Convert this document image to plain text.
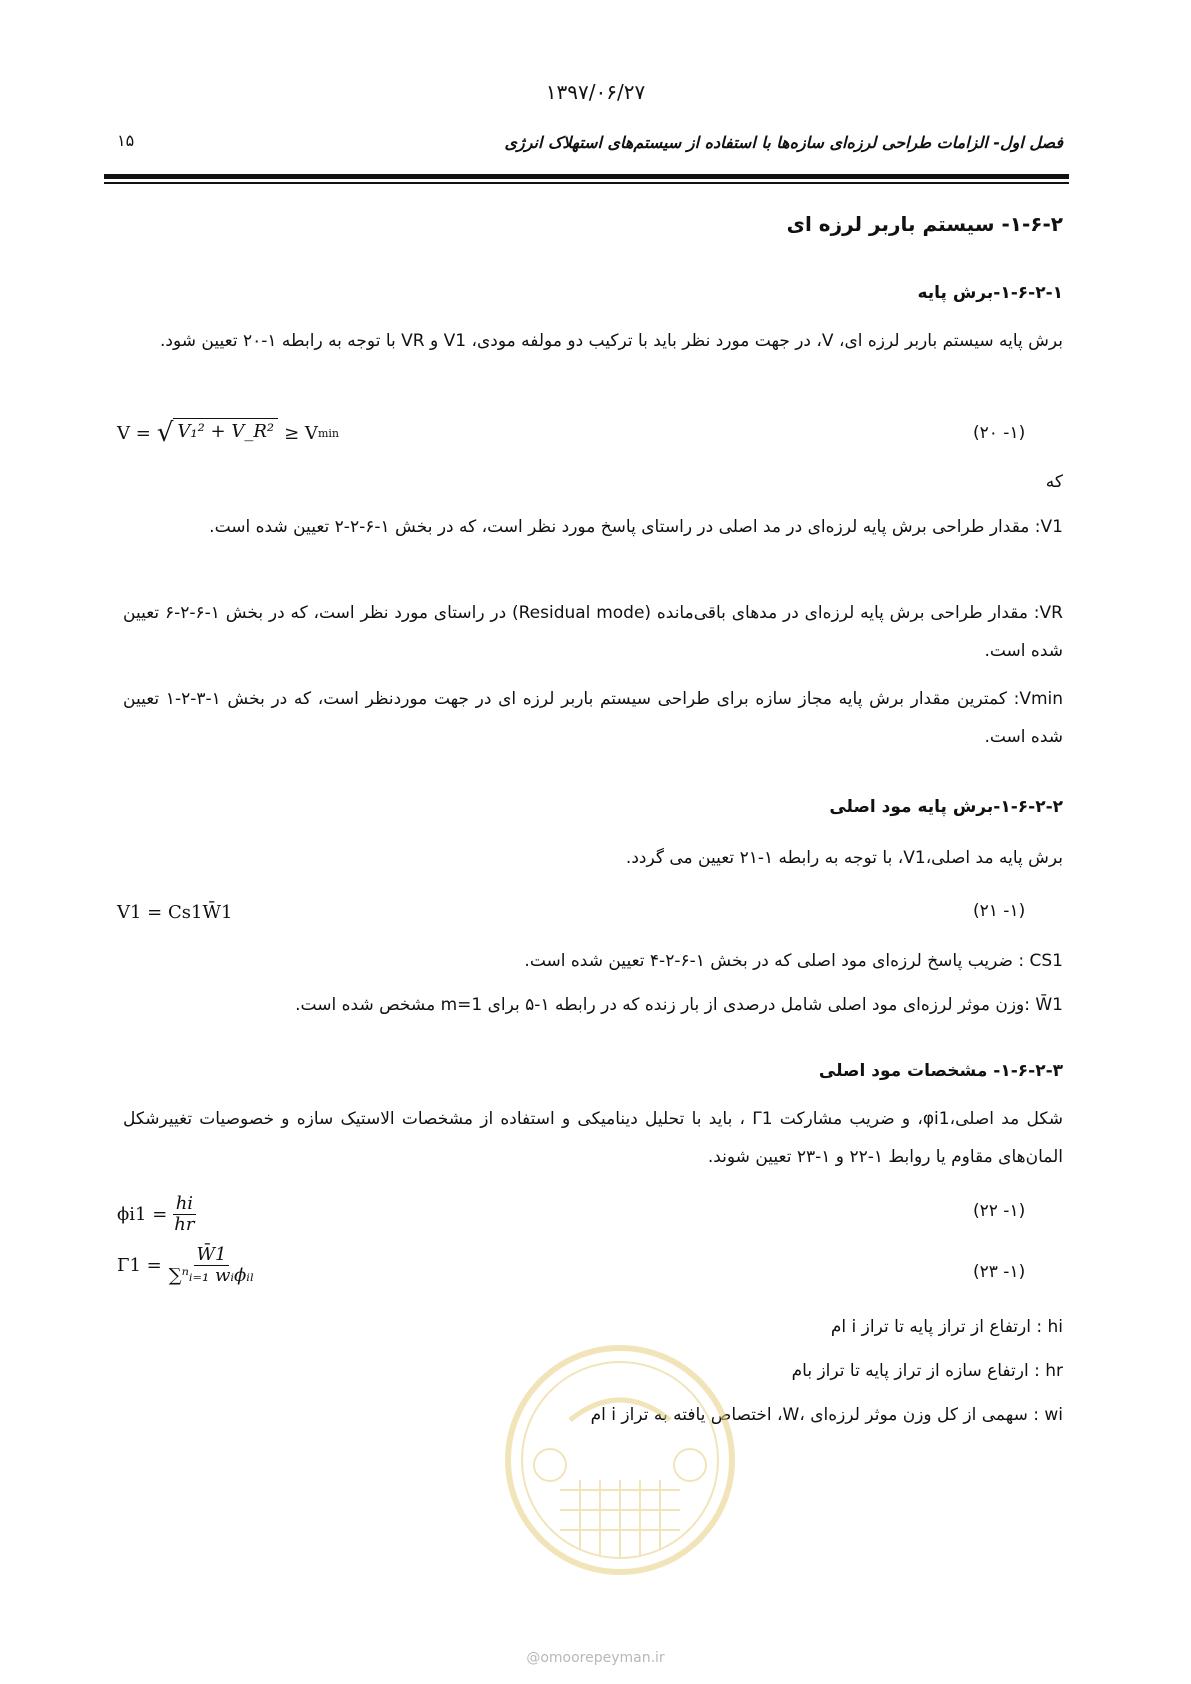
۱۳۹۷/۰۶/۲۷
فصل اول- الزامات طراحی لرزه‌ای سازه‌ها با استفاده از سیستم‌های استهلاک انرژی
۱۵
۱-۶-۲- سیستم باربر لرزه ای
۱-۶-۲-۱-برش پایه
برش پایه سیستم باربر لرزه ای، V، در جهت مورد نظر باید با ترکیب دو مولفه مودی، V1 و VR با توجه به رابطه ۱-۲۰ تعیین شود.
V = √ V₁² + V_R² ≥ V min	(۱- ۲۰)
که
V1: مقدار طراحی برش پایه لرزه‌ای در مد اصلی در راستای پاسخ مورد نظر است، که در بخش ۱-۶-۲-۲ تعیین شده است.
VR: مقدار طراحی برش پایه لرزه‌ای در مدهای باقی‌مانده (Residual mode) در راستای مورد نظر است، که در بخش ۱-۶-۲-۶ تعیین شده است.
Vmin: کمترین مقدار برش پایه مجاز سازه برای طراحی سیستم باربر لرزه ای در جهت موردنظر است، که در بخش ۱-۳-۲-۱ تعیین شده است.
۱-۶-۲-۲-برش پایه مود اصلی
برش پایه مد اصلی،V1، با توجه به رابطه ۱-۲۱ تعیین می گردد.
V1 = Cs1W̄1	(۱- ۲۱)
CS1 : ضریب پاسخ لرزه‌ای مود اصلی که در بخش ۱-۶-۲-۴ تعیین شده است.
W̄1 :وزن موثر لرزه‌ای مود اصلی شامل درصدی از بار زنده که در رابطه ۱-۵ برای m=1 مشخص شده است.
۱-۶-۲-۳- مشخصات مود اصلی
شکل مد اصلی،φi1، و ضریب مشارکت Γ1 ، باید با تحلیل دینامیکی و استفاده از مشخصات الاستیک سازه و خصوصیات تغییرشکل المان‌های مقاوم یا روابط ۱-۲۲ و ۱-۲۳ تعیین شوند.
$\phi i1 = \frac{hi}{hr}$	(۱- ۲۲)
$\Gamma 1 = \frac{W̄1}{\text{∑ⁿᵢ₌₁ wᵢϕᵢₗ}}$	(۱- ۲۳)
hi : ارتفاع از تراز پایه تا تراز i ام
hr : ارتفاع سازه از تراز پایه تا تراز بام
wi : سهمی از کل وزن موثر لرزه‌ای ،W، اختصاص یافته به تراز i ام
@omoorepeyman.ir
